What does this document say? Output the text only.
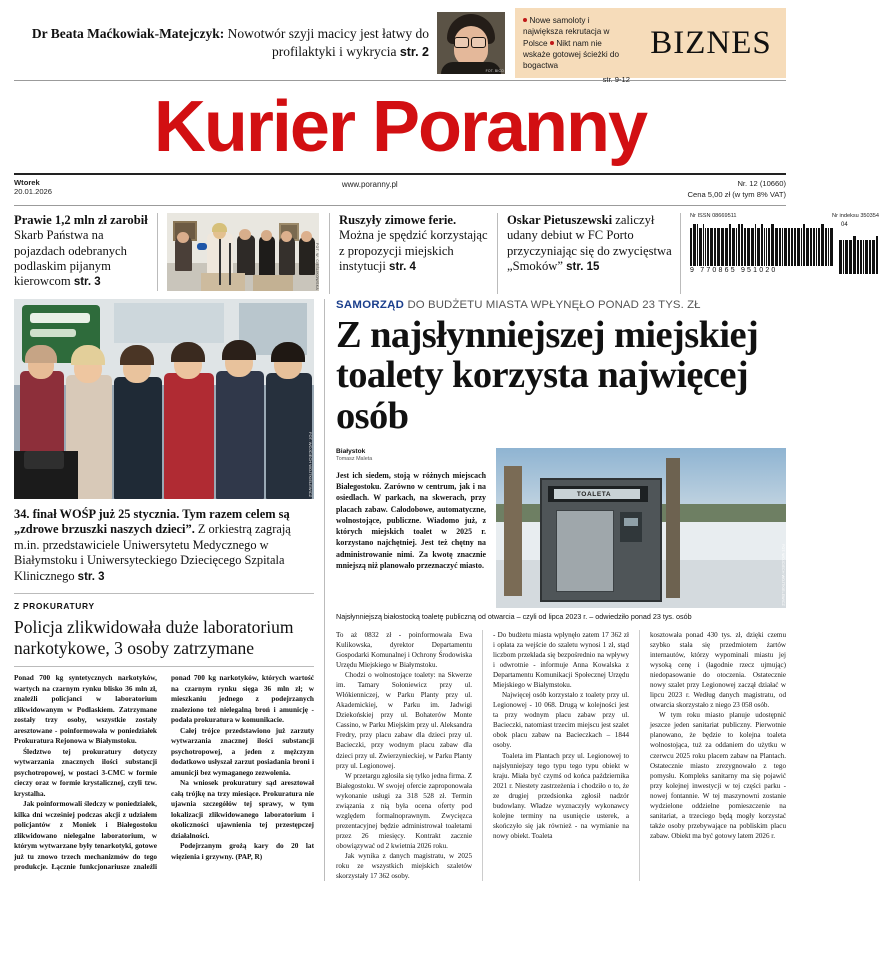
Dr Beata Maćkowiak-Matejczyk: Nowotwór szyji macicy jest łatwy do profilaktyki i wykrycia str. 2
FOT. BICO
Nowe samoloty i największa rekrutacja w Polsce Nikt nam nie wskaże gotowej ścieżki do bogactwa
str. 9-12
BIZNES
Kurier Poranny
Wtorek
20.01.2026
www.poranny.pl	Nr. 12 (10660)
Cena 5,00 zł (w tym 8% VAT)
Prawie 1,2 mln zł zarobił Skarb Państwa na pojazdach odebranych podlaskim pijanym kierowcom str. 3	FOT. W. CIEŚLIKOWSKA
Ruszyły zimowe ferie. Można je spędzić korzystając z propozycji miejskich instytucji str. 4
Oskar Pietuszewski zaliczył udany debiut w FC Porto przyczyniając się do zwycięstwa „Smoków” str. 15
Nr ISSN 08669511	Nr indeksu 350354
9 770865 951020
04
FOT. WOJCIECH WOJTKIELEWICZ
34. finał WOŚP już 25 stycznia. Tym razem celem są „zdrowe brzuszki naszych dzieci”. Z orkiestrą zagrają m.in. przedstawiciele Uniwersytetu Medycznego w Białymstoku i Uniwersyteckiego Dziecięcego Szpitala Klinicznego str. 3
Z PROKURATURY
Policja zlikwidowała duże laboratorium narkotykowe, 3 osoby zatrzymane

Ponad 700 kg syntetycznych narkotyków, wartych na czarnym rynku blisko 36 mln zł, znaleźli policjanci w laboratorium zlikwidowanym w Podlaskiem. Zatrzymane zostały trzy osoby, wszystkie zostały aresztowane - poinformowała w poniedziałek Prokuratura Rejonowa w Białymstoku.

Śledztwo tej prokuratury dotyczy wytwarzania znacznych ilości substancji psychotropowej, w postaci 3-CMC w formie cieczy oraz w formie krystalicznej, czyli tzw. krystalha.

Jak poinformowali śledczy w poniedziałek, kilka dni wcześniej podczas akcji z udziałem policjantów z Moniek i Białegostoku zlikwidowano nielegalne laboratorium, w którym wytwarzane były tenarkotyki, gotowe już tu znowo trzech mechanizmów do tego produkcje. Łącznie funkcjonariusze znaleźli ponad 700 kg narkotyków, których wartość na czarnym rynku sięga 36 mln zł; w mieszkaniu jednego z podejrzanych znaleziono też nielegalną broń i amunicję - podała prokuratura w komunikacie.

Całej trójce przedstawiono już zarzuty wytwarzania znacznej ilości substancji psychotropowej, a jeden z mężczyzn dodatkowo usłyszał zarzut posiadania broni i amunicji bez wymaganego zezwolenia.

Na wniosek prokuratury sąd aresztował całą trójkę na trzy miesiące. Prokuratura nie ujawnia szczegółów tej sprawy, w tym lokalizacji zlikwidowanego laboratorium i okoliczności ujawnienia tej przestępczej działalności.

Podejrzanym grożą kary do 20 lat więzienia i grzywny. (PAP, R)

SAMORZĄD DO BUDŻETU MIASTA WPŁYNĘŁO PONAD 23 TYS. ZŁ
Z najsłynniejszej miejskiej toalety korzysta najwięcej osób
Białystok
Tomasz Maleta
Jest ich siedem, stoją w różnych miejscach Białegostoku. Zarówno w centrum, jak i na osiedlach. W parkach, na skwerach, przy placach zabaw. Całodobowe, automatyczne, wolnostojące, publiczne. Wiadomo już, z których miejskich toalet w 2025 r. korzystano najchętniej. Jest też chętny na administrowanie nimi. Za kwotę znacznie mniejszą niż planowało przeznaczyć miasto.
TOALETA
FOT. WOJCIECH WOJTKIELEWICZ
Najsłynniejszą białostocką toaletę publiczną od otwarcia – czyli od lipca 2023 r. – odwiedziło ponad 23 tys. osób

To aż 0832 zł - poinformowała Ewa Kulikowska, dyrektor Departamentu Gospodarki Komunalnej i Ochrony Środowiska Urzędu Miejskiego w Białymstoku.

Chodzi o wolnostojące toalety: na Skwerze im. Tamary Sołoniewicz przy ul. Włókienniczej, w Parku Planty przy ul. Akademickiej, w Parku im. Jadwigi Dziekońskiej przy ul. Bohaterów Monte Cassino, w Parku Miejskim przy ul. Aleksandra Fredry, przy placu zabaw dla dzieci przy ul. Bacieczki, przy wodnym placu zabaw dla dzieci przy ul. Zwierzynieckiej, w Parku Planty przy ul. Legionowej.

W przetargu zgłosiła się tylko jedna firma. Z Białegostoku. W swojej ofercie zaproponowała wykonanie usługi za 318 528 zł. Termin związania z nią była ocena oferty pod względem formalnoprawnym. Zwycięzca prezentacyjnej będzie administrował toaletami przez 26 miesięcy. Kontrakt zacznie obowiązywać od 2 kwietnia 2026 roku.

Jak wynika z danych magistratu, w 2025 roku ze wszystkich miejskich szaletów skorzystały 17 362 osoby.

- Do budżetu miasta wpłynęło zatem 17 362 zł i opłata za wejście do szaletu wynosi 1 zł, stąd liczbom przekłada się bezpośrednio na wpływy i odwrotnie - informuje Anna Kowalska z Departamentu Komunikacji Społecznej Urzędu Miejskiego w Białymstoku.

Najwięcej osób korzystało z toalety przy ul. Legionowej - 10 068. Drugą w kolejności jest ta przy wodnym placu zabaw przy ul. Bacieczki, natomiast trzecim miejscu jest szalet obok placu zabaw na Bacieczkach – 1844 osoby.

Toaleta im Plantach przy ul. Legionowej to najsłynniejszy tego typu tego typu obiekt w kraju. Miała być czymś od końca października 2021 r. Niestety zastrzeżenia i chodziło o to, że ze drugiej przedsionka zgłosił nadzór budowlany. Władze wyznaczyły wykonawcy kolejne terminy na usunięcie usterek, a skończyło się jak również - na wymianie na nowy obiekt. Toaleta

kosztowała ponad 430 tys. zł, dzięki czemu szybko stała się przedmiotem żartów internautów, którzy wypominali miastu jej wysoką cenę i (łagodnie rzecz ujmując) niedopasowanie do otoczenia. Ostatecznie nowy szalet przy Legionowej zaczął działać w lipcu 2023 r. Według danych magistratu, od otwarcia skorzystało z niego 23 058 osób.

W tym roku miasto planuje udostępnić jeszcze jeden sanitariat publiczny. Pierwotnie planowano, że będzie to kolejna toaleta wolnostojąca, tuż za oddaniem do użytku w czerwcu 2025 roku placem zabaw na Plantach. Ostatecznie miasto zrezygnowało z tego pomysłu. Kompleks sanitarny ma się pojawić przy kolejnej inwestycji w tej części parku - nowej fontannie. W tej maszynowni zostanie wydzielone oddzielne pomieszczenie na sanitariat, a trzeciego będą mogły korzystać także osoby przebywające na pobliskim placu zabaw. Obiekt ma być gotowy latem 2026 r.
